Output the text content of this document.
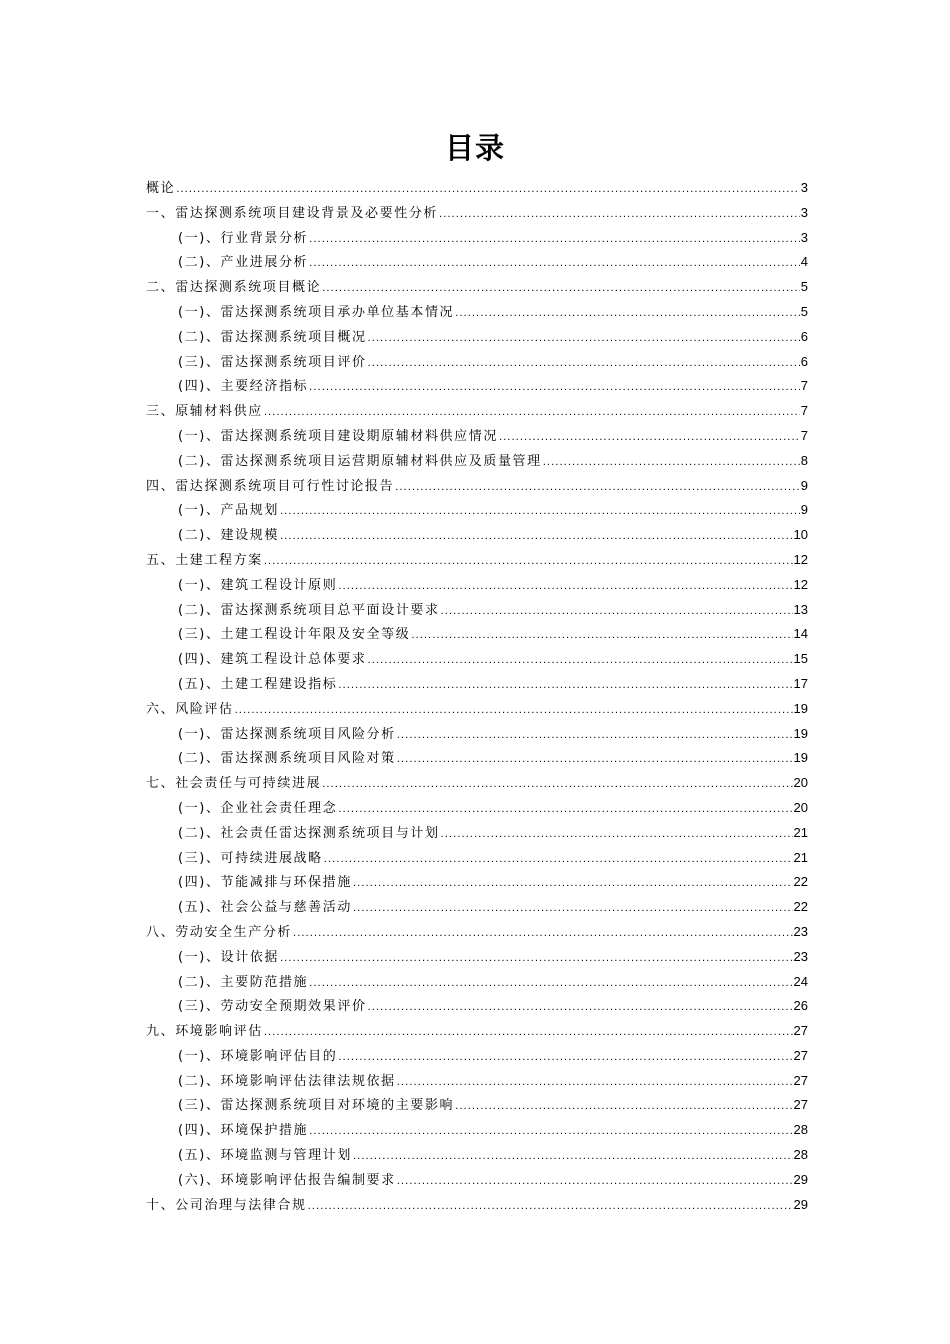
目录
概论 .....	3
一、雷达探测系统项目建设背景及必要性分析 .....	3
(一)、行业背景分析 .....	3
(二)、产业进展分析 .....	4
二、雷达探测系统项目概论 .....	5
(一)、雷达探测系统项目承办单位基本情况 .....	5
(二)、雷达探测系统项目概况 .....	6
(三)、雷达探测系统项目评价 .....	6
(四)、主要经济指标 .....	7
三、原辅材料供应 .....	7
(一)、雷达探测系统项目建设期原辅材料供应情况 .....	7
(二)、雷达探测系统项目运营期原辅材料供应及质量管理 .....	8
四、雷达探测系统项目可行性讨论报告 .....	9
(一)、产品规划 .....	9
(二)、建设规模 .....	10
五、土建工程方案 .....	12
(一)、建筑工程设计原则 .....	12
(二)、雷达探测系统项目总平面设计要求 .....	13
(三)、土建工程设计年限及安全等级 .....	14
(四)、建筑工程设计总体要求 .....	15
(五)、土建工程建设指标 .....	17
六、风险评估 .....	19
(一)、雷达探测系统项目风险分析 .....	19
(二)、雷达探测系统项目风险对策 .....	19
七、社会责任与可持续进展 .....	20
(一)、企业社会责任理念 .....	20
(二)、社会责任雷达探测系统项目与计划 .....	21
(三)、可持续进展战略 .....	21
(四)、节能减排与环保措施 .....	22
(五)、社会公益与慈善活动 .....	22
八、劳动安全生产分析 .....	23
(一)、设计依据 .....	23
(二)、主要防范措施 .....	24
(三)、劳动安全预期效果评价 .....	26
九、环境影响评估 .....	27
(一)、环境影响评估目的 .....	27
(二)、环境影响评估法律法规依据 .....	27
(三)、雷达探测系统项目对环境的主要影响 .....	27
(四)、环境保护措施 .....	28
(五)、环境监测与管理计划 .....	28
(六)、环境影响评估报告编制要求 .....	29
十、公司治理与法律合规 .....	29
